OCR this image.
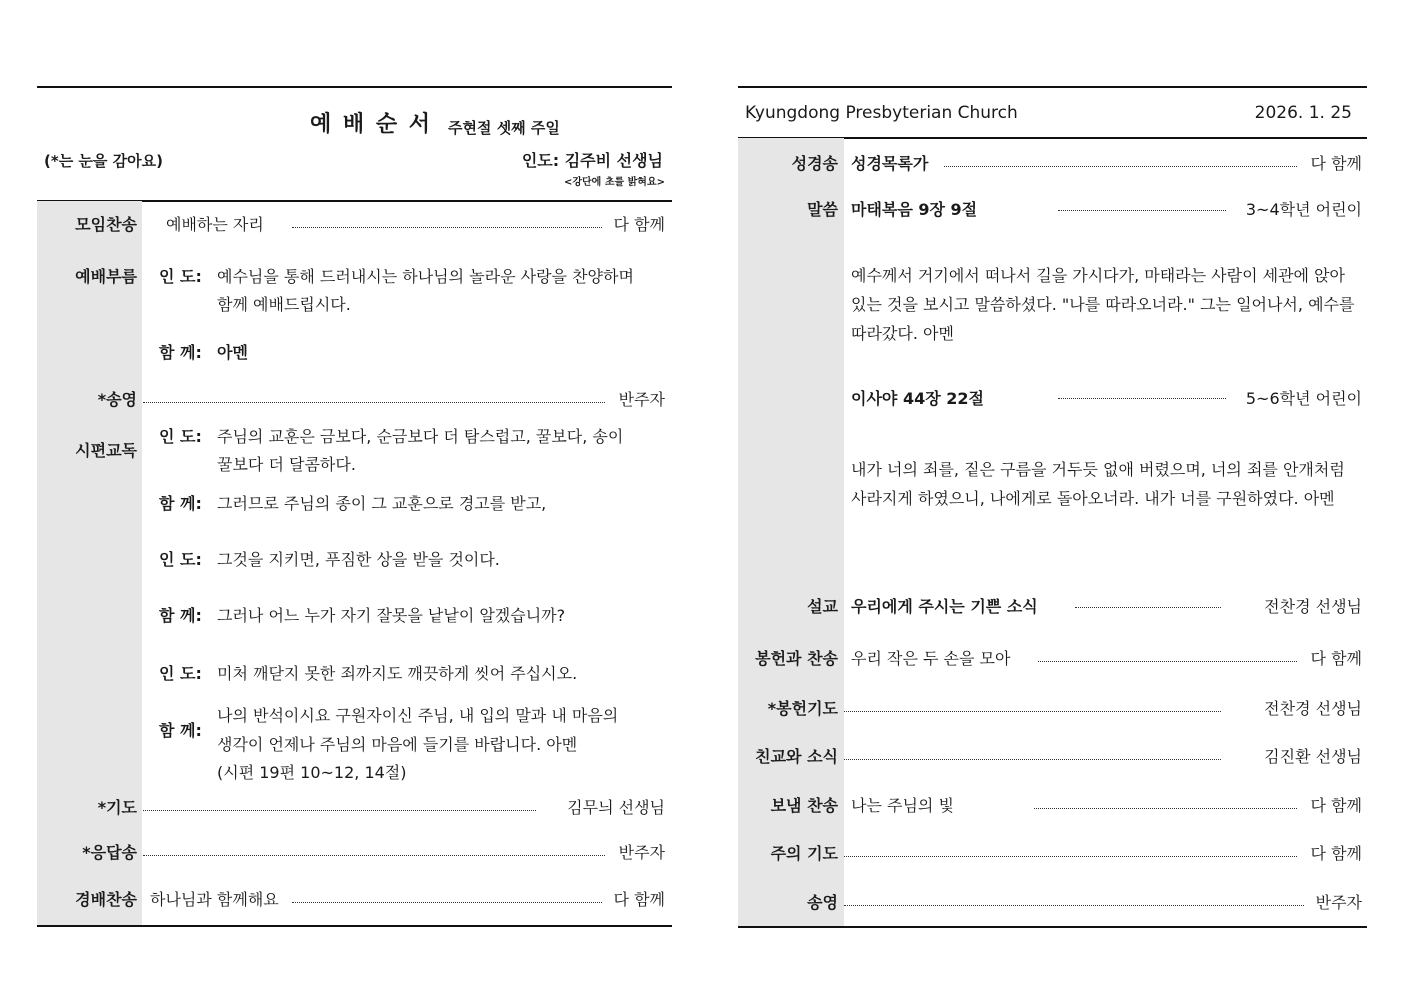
예 배 순 서 주현절 셋째 주일
(*는 눈을 감아요)	인도: 김주비 선생님
<강단에 초를 밝혀요>
모임찬송 예배하는 자리	다 함께
예배부름 인 도: 예수님을 통해 드러내시는 하나님의 놀라운 사랑을 찬양하며
함께 예배드립시다.
함 께: 아멘
*송영	반주자
시편교독
인 도: 주님의 교훈은 금보다, 순금보다 더 탐스럽고, 꿀보다, 송이
꿀보다 더 달콤하다.
함 께: 그러므로 주님의 종이 그 교훈으로 경고를 받고,
인 도: 그것을 지키면, 푸짐한 상을 받을 것이다.
함 께: 그러나 어느 누가 자기 잘못을 낱낱이 알겠습니까?
인 도: 미처 깨닫지 못한 죄까지도 깨끗하게 씻어 주십시오.
함 께:
나의 반석이시요 구원자이신 주님, 내 입의 말과 내 마음의
생각이 언제나 주님의 마음에 들기를 바랍니다. 아멘
(시편 19편 10~12, 14절)
*기도	김무늬 선생님
*응답송	반주자
경배찬송 하나님과 함께해요	다 함께
Kyungdong Presbyterian Church	2026. 1. 25
성경송 성경목록가	다 함께
말씀 마태복음 9장 9절	3~4학년 어린이
예수께서 거기에서 떠나서 길을 가시다가, 마태라는 사람이 세관에 앉아 있는 것을 보시고 말씀하셨다. "나를 따라오너라." 그는 일어나서, 예수를 따라갔다. 아멘
이사야 44장 22절	5~6학년 어린이
내가 너의 죄를, 짙은 구름을 거두듯 없애 버렸으며, 너의 죄를 안개처럼 사라지게 하였으니, 나에게로 돌아오너라. 내가 너를 구원하였다. 아멘
설교 우리에게 주시는 기쁜 소식	전찬경 선생님
봉헌과 찬송 우리 작은 두 손을 모아	다 함께
*봉헌기도	전찬경 선생님
친교와 소식	김진환 선생님
보냄 찬송 나는 주님의 빛	다 함께
주의 기도	다 함께
송영	반주자
